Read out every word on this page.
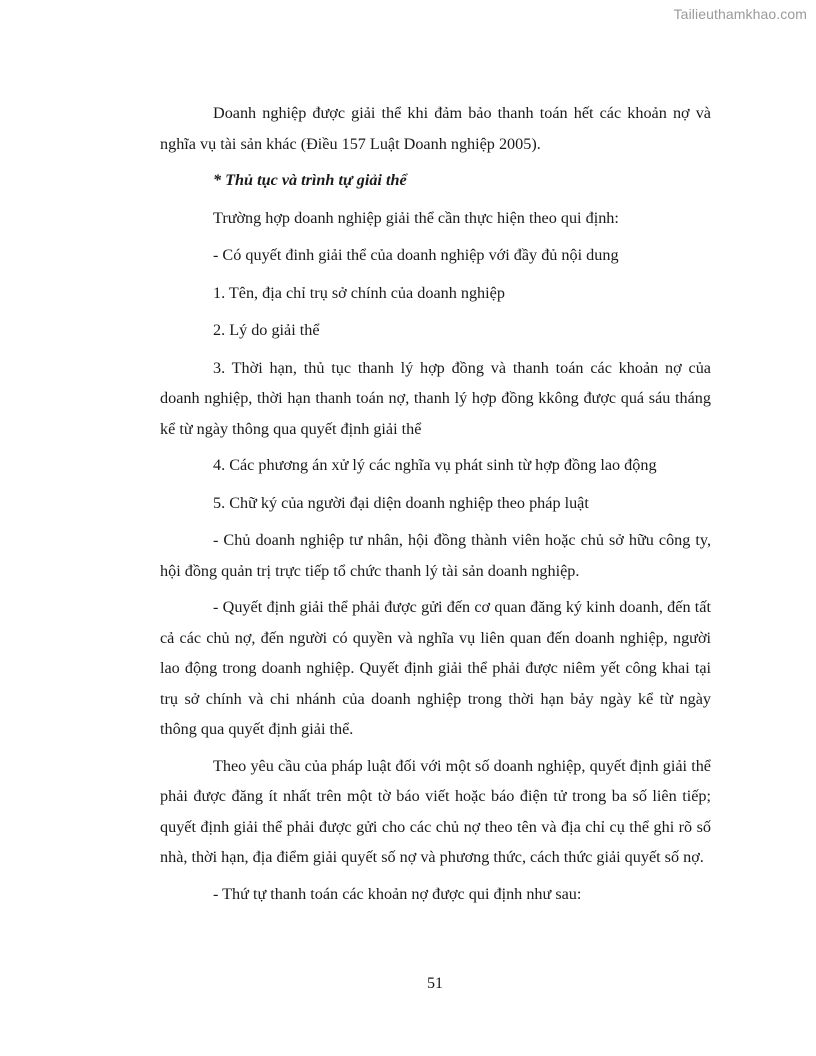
Tailieuthamkhao.com

Doanh nghiệp được giải thể khi đảm bảo thanh toán hết các khoản nợ và nghĩa vụ tài sản khác (Điều 157 Luật Doanh nghiệp 2005).

* Thủ tục và trình tự giải thể

Trường hợp doanh nghiệp giải thể cần thực hiện theo qui định:

- Có quyết đinh giải thể của doanh nghiệp với đầy đủ nội dung

1. Tên, địa chỉ trụ sở chính của doanh nghiệp

2. Lý do giải thể

3. Thời hạn, thủ tục thanh lý hợp đồng và thanh toán các khoản nợ của doanh nghiệp, thời hạn thanh toán nợ, thanh lý hợp đồng kkông được quá sáu tháng kể từ ngày thông qua quyết định giải thể

4. Các phương án xử lý các nghĩa vụ phát sinh từ hợp đồng lao động

5. Chữ ký của người đại diện doanh nghiệp theo pháp luật

- Chủ doanh nghiệp tư nhân, hội đồng thành viên hoặc chủ sở hữu công ty, hội đồng quản trị trực tiếp tổ chức thanh lý tài sản doanh nghiệp.

- Quyết định giải thể phải được gửi đến cơ quan đăng ký kinh doanh, đến tất cả các chủ nợ, đến người có quyền và nghĩa vụ liên quan đến doanh nghiệp, người lao động trong doanh nghiệp. Quyết định giải thể phải được niêm yết công khai tại trụ sở chính và chi nhánh của doanh nghiệp trong thời hạn bảy ngày kể từ ngày thông qua quyết định giải thể.

Theo yêu cầu của pháp luật đối với một số doanh nghiệp, quyết định giải thể phải được đăng ít nhất trên một tờ báo viết hoặc báo điện tử trong ba số liên tiếp; quyết định giải thể phải được gửi cho các chủ nợ theo tên và địa chỉ cụ thể ghi rõ số nhà, thời hạn, địa điểm giải quyết số nợ và phương thức, cách thức giải quyết số nợ.

- Thứ tự thanh toán các khoản nợ được qui định như sau:

51
